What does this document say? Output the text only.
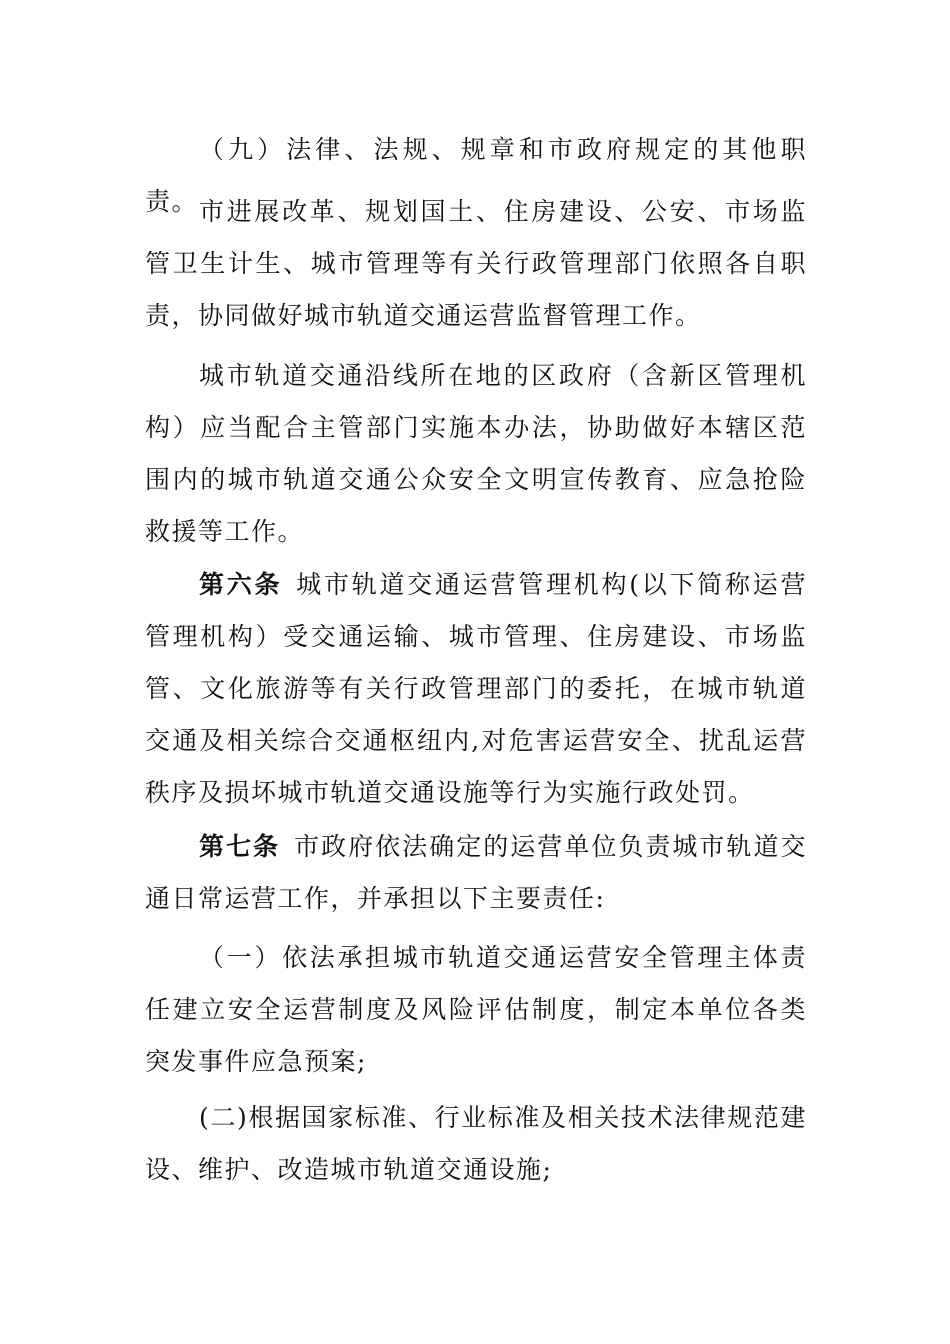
（九）法律、法规、规章和市政府规定的其他职责。 市进展改革、规划国土、住房建设、公安、市场监管卫生计生、城市管理等有关行政管理部门依照各自职责，协同做好城市轨道交通运营监督管理工作。

城市轨道交通沿线所在地的区政府（含新区管理机构）应当配合主管部门实施本办法，协助做好本辖区范围内的城市轨道交通公众安全文明宣传教育、应急抢险救援等工作。

第六条 城市轨道交通运营管理机构(以下简称运营管理机构）受交通运输、城市管理、住房建设、市场监管、文化旅游等有关行政管理部门的委托，在城市轨道交通及相关综合交通枢纽内,对危害运营安全、扰乱运营秩序及损坏城市轨道交通设施等行为实施行政处罚。

第七条 市政府依法确定的运营单位负责城市轨道交通日常运营工作，并承担以下主要责任:

（一）依法承担城市轨道交通运营安全管理主体责任建立安全运营制度及风险评估制度，制定本单位各类突发事件应急预案;

(二)根据国家标准、行业标准及相关技术法律规范建设、维护、改造城市轨道交通设施;
